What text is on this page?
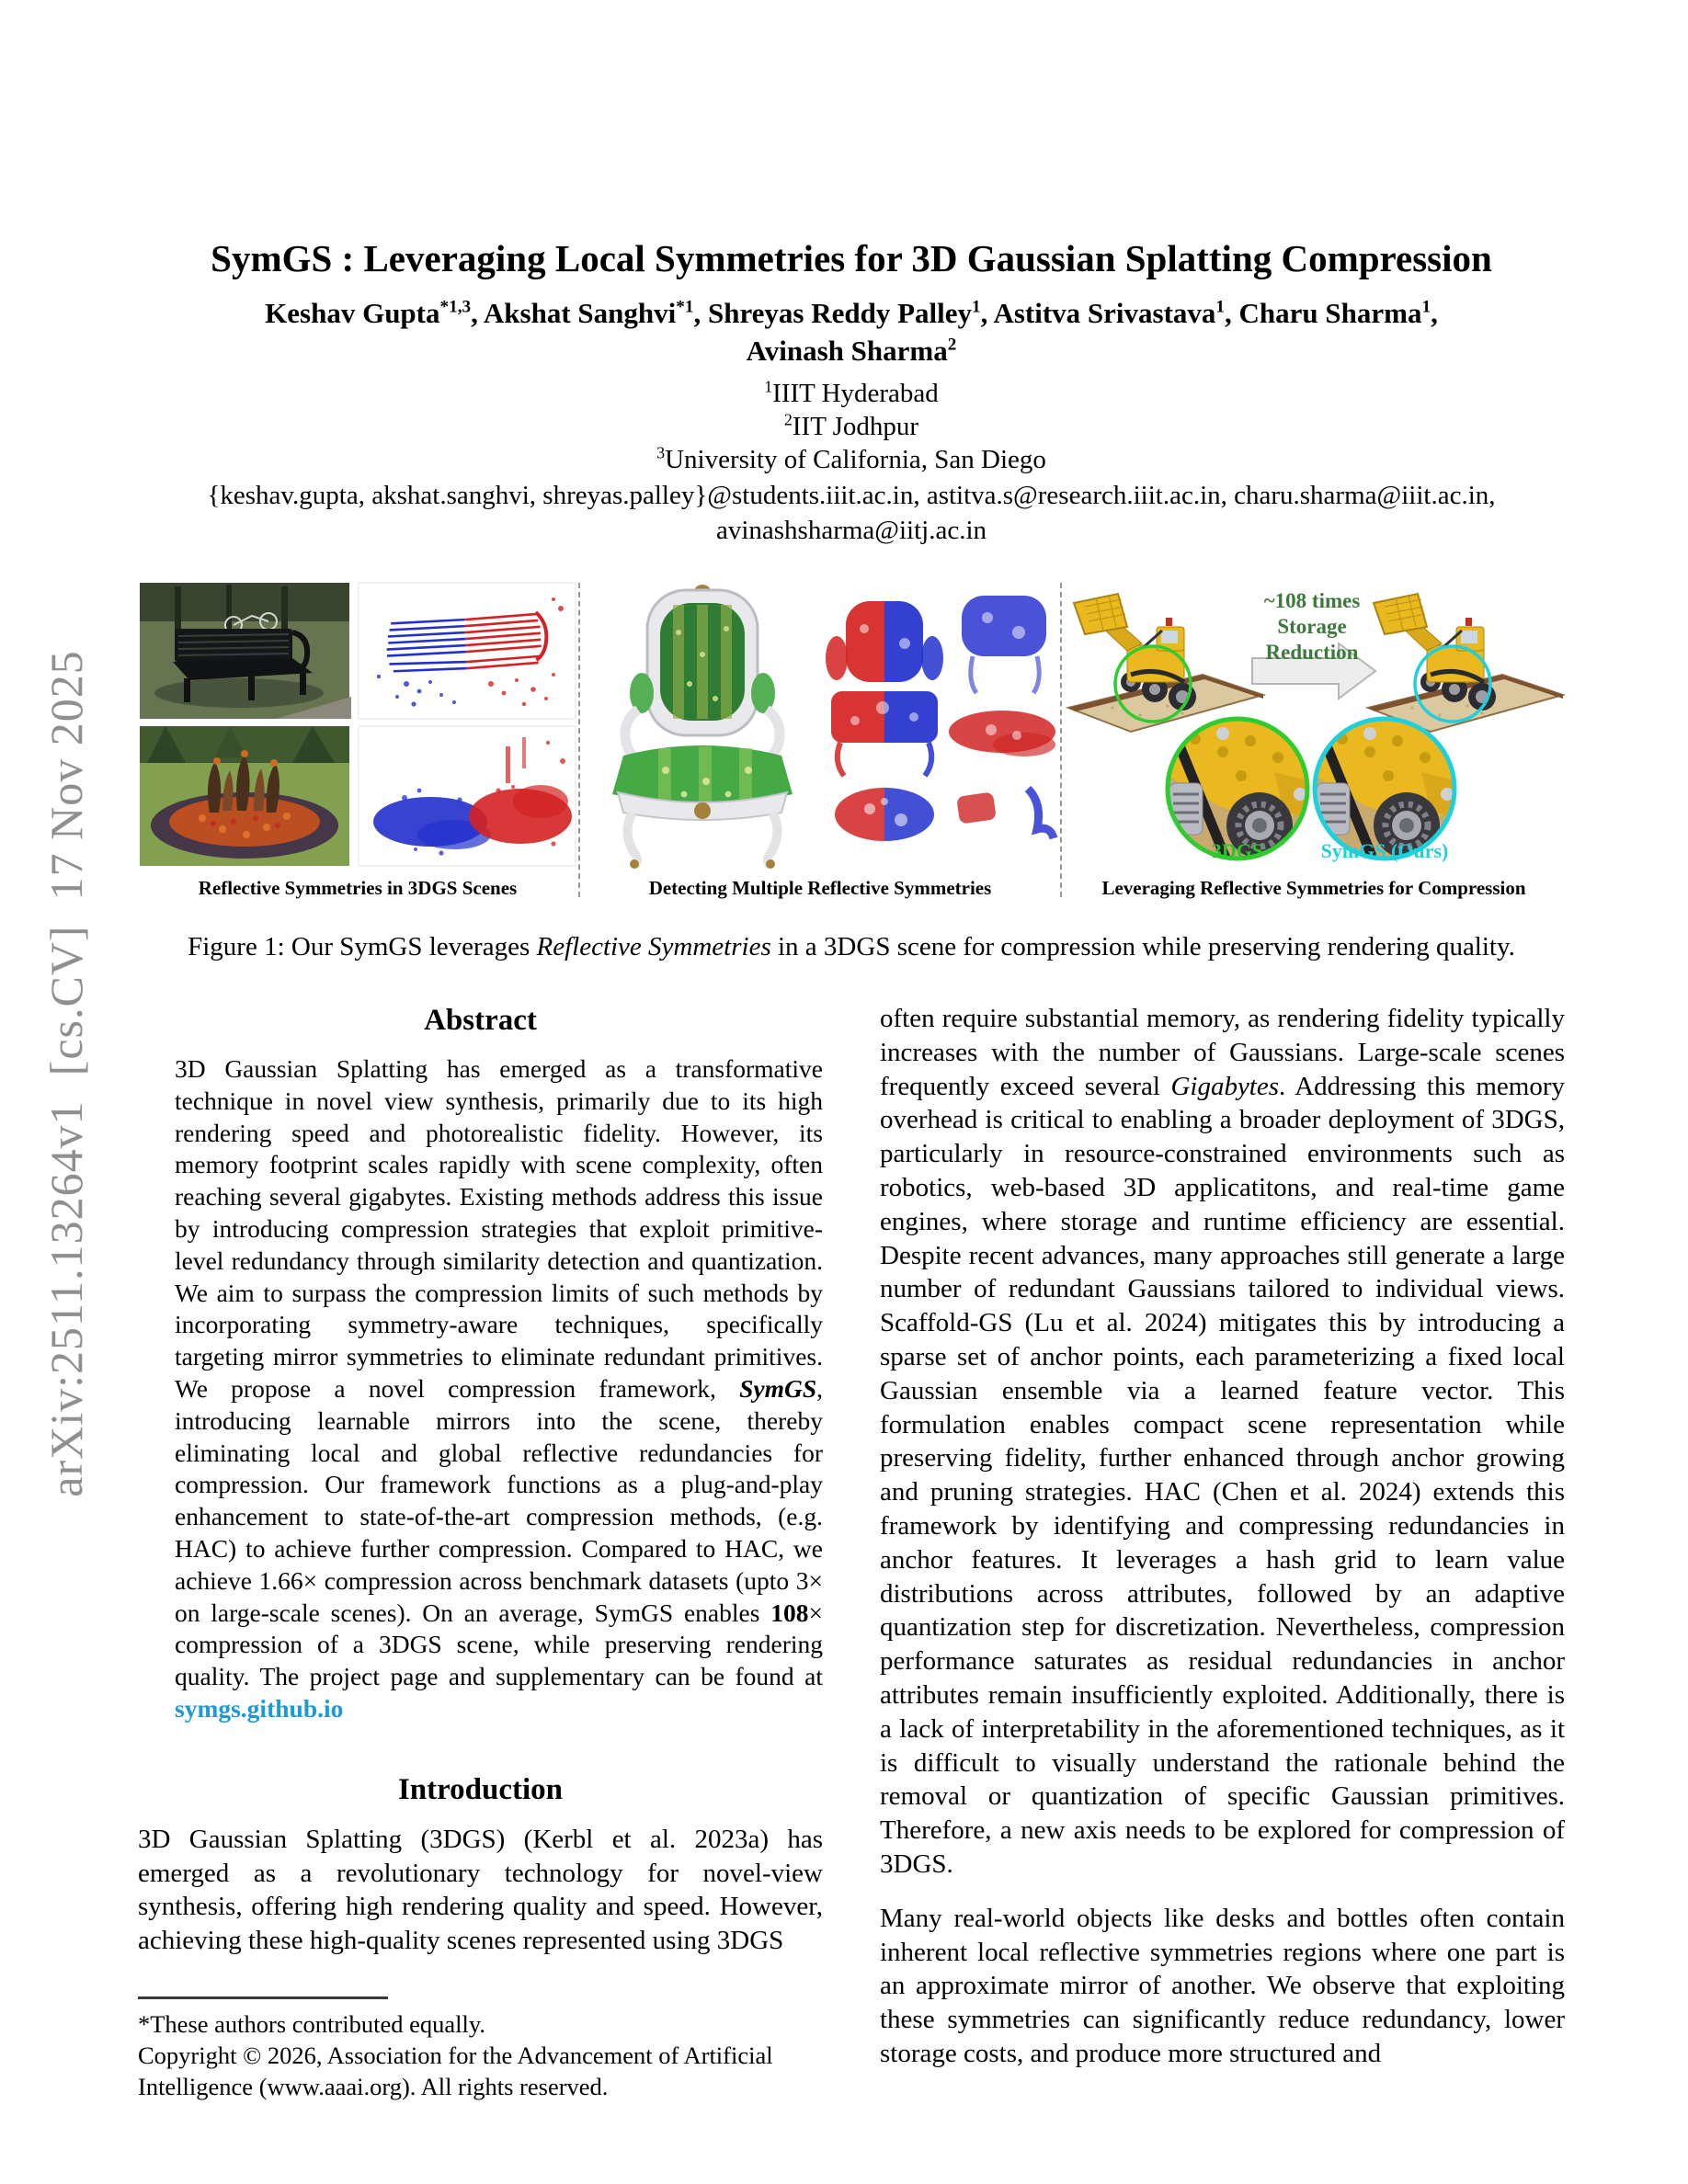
arXiv:2511.13264v1  [cs.CV]  17 Nov 2025
SymGS : Leveraging Local Symmetries for 3D Gaussian Splatting Compression
Keshav Gupta$^{*1,3}$, Akshat Sanghvi$^{*1}$, Shreyas Reddy Palley$^1$, Astitva Srivastava$^1$, Charu Sharma$^1$,
Avinash Sharma$^2$
$^1$IIIT Hyderabad
$^2$IIT Jodhpur
$^3$University of California, San Diego
{keshav.gupta, akshat.sanghvi, shreyas.palley}@students.iiit.ac.in, astitva.s@research.iiit.ac.in, charu.sharma@iiit.ac.in,
avinashsharma@iitj.ac.in
Reflective Symmetries in 3DGS Scenes	Detecting Multiple Reflective Symmetries
~108 times
Storage Reduction
3DGS	SymGS (Ours)
Leveraging Reflective Symmetries for Compression
Figure 1: Our SymGS leverages Reflective Symmetries in a 3DGS scene for compression while preserving rendering quality.
Abstract

3D Gaussian Splatting has emerged as a transformative technique in novel view synthesis, primarily due to its high rendering speed and photorealistic fidelity. However, its memory footprint scales rapidly with scene complexity, often reaching several gigabytes. Existing methods address this issue by introducing compression strategies that exploit primitive-level redundancy through similarity detection and quantization. We aim to surpass the compression limits of such methods by incorporating symmetry-aware techniques, specifically targeting mirror symmetries to eliminate redundant primitives. We propose a novel compression framework, SymGS, introducing learnable mirrors into the scene, thereby eliminating local and global reflective redundancies for compression. Our framework functions as a plug-and-play enhancement to state-of-the-art compression methods, (e.g. HAC) to achieve further compression. Compared to HAC, we achieve 1.66× compression across benchmark datasets (upto 3× on large-scale scenes). On an average, SymGS enables 108× compression of a 3DGS scene, while preserving rendering quality. The project page and supplementary can be found at symgs.github.io

Introduction

3D Gaussian Splatting (3DGS) (Kerbl et al. 2023a) has emerged as a revolutionary technology for novel-view synthesis, offering high rendering quality and speed. However, achieving these high-quality scenes represented using 3DGS

*These authors contributed equally.
Copyright © 2026, Association for the Advancement of Artificial Intelligence (www.aaai.org). All rights reserved.

often require substantial memory, as rendering fidelity typically increases with the number of Gaussians. Large-scale scenes frequently exceed several Gigabytes. Addressing this memory overhead is critical to enabling a broader deployment of 3DGS, particularly in resource-constrained environments such as robotics, web-based 3D applicatitons, and real-time game engines, where storage and runtime efficiency are essential. Despite recent advances, many approaches still generate a large number of redundant Gaussians tailored to individual views. Scaffold-GS (Lu et al. 2024) mitigates this by introducing a sparse set of anchor points, each parameterizing a fixed local Gaussian ensemble via a learned feature vector. This formulation enables compact scene representation while preserving fidelity, further enhanced through anchor growing and pruning strategies. HAC (Chen et al. 2024) extends this framework by identifying and compressing redundancies in anchor features. It leverages a hash grid to learn value distributions across attributes, followed by an adaptive quantization step for discretization. Nevertheless, compression performance saturates as residual redundancies in anchor attributes remain insufficiently exploited. Additionally, there is a lack of interpretability in the aforementioned techniques, as it is difficult to visually understand the rationale behind the removal or quantization of specific Gaussian primitives. Therefore, a new axis needs to be explored for compression of 3DGS.

Many real-world objects like desks and bottles often contain inherent local reflective symmetries regions where one part is an approximate mirror of another. We observe that exploiting these symmetries can significantly reduce redundancy, lower storage costs, and produce more structured and
